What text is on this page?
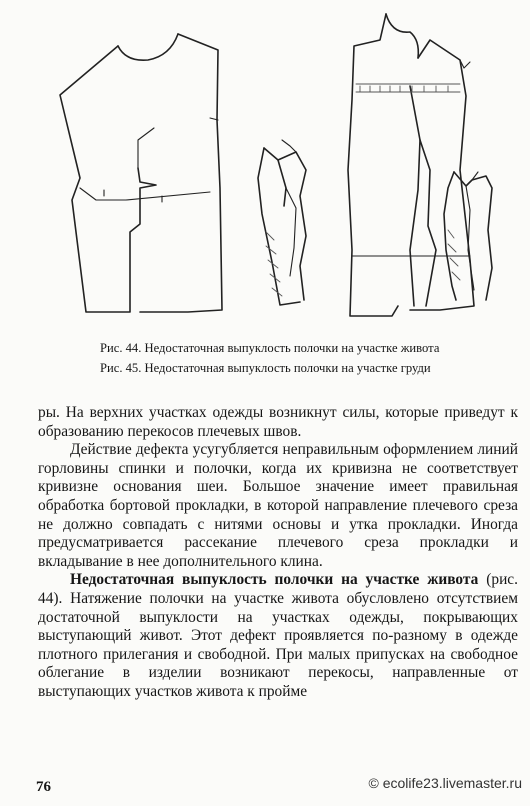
Рис. 44. Недостаточная выпуклость полочки на участке живота
Рис. 45. Недостаточная выпуклость полочки на участке груди

ры. На верхних участках одежды возникнут силы, которые приведут к образованию перекосов плечевых швов.

Действие дефекта усугубляется неправильным оформлением линий горловины спинки и полочки, когда их кривизна не соответствует кривизне основания шеи. Большое значение имеет правильная обработка бортовой прокладки, в которой направление плечевого среза не должно совпадать с нитями основы и утка прокладки. Иногда предусматривается рассекание плечевого среза прокладки и вкладывание в нее дополнительного клина.

Недостаточная выпуклость полочки на участке живота (рис. 44). Натяжение полочки на участке живота обусловлено отсутствием достаточной выпуклости на участках одежды, покрывающих выступающий живот. Этот дефект проявляется по-разному в одежде плотного прилегания и свободной. При малых припусках на свободное облегание в изделии возникают перекосы, направленные от выступающих участков живота к пройме

76	© ecolife23.livemaster.ru
